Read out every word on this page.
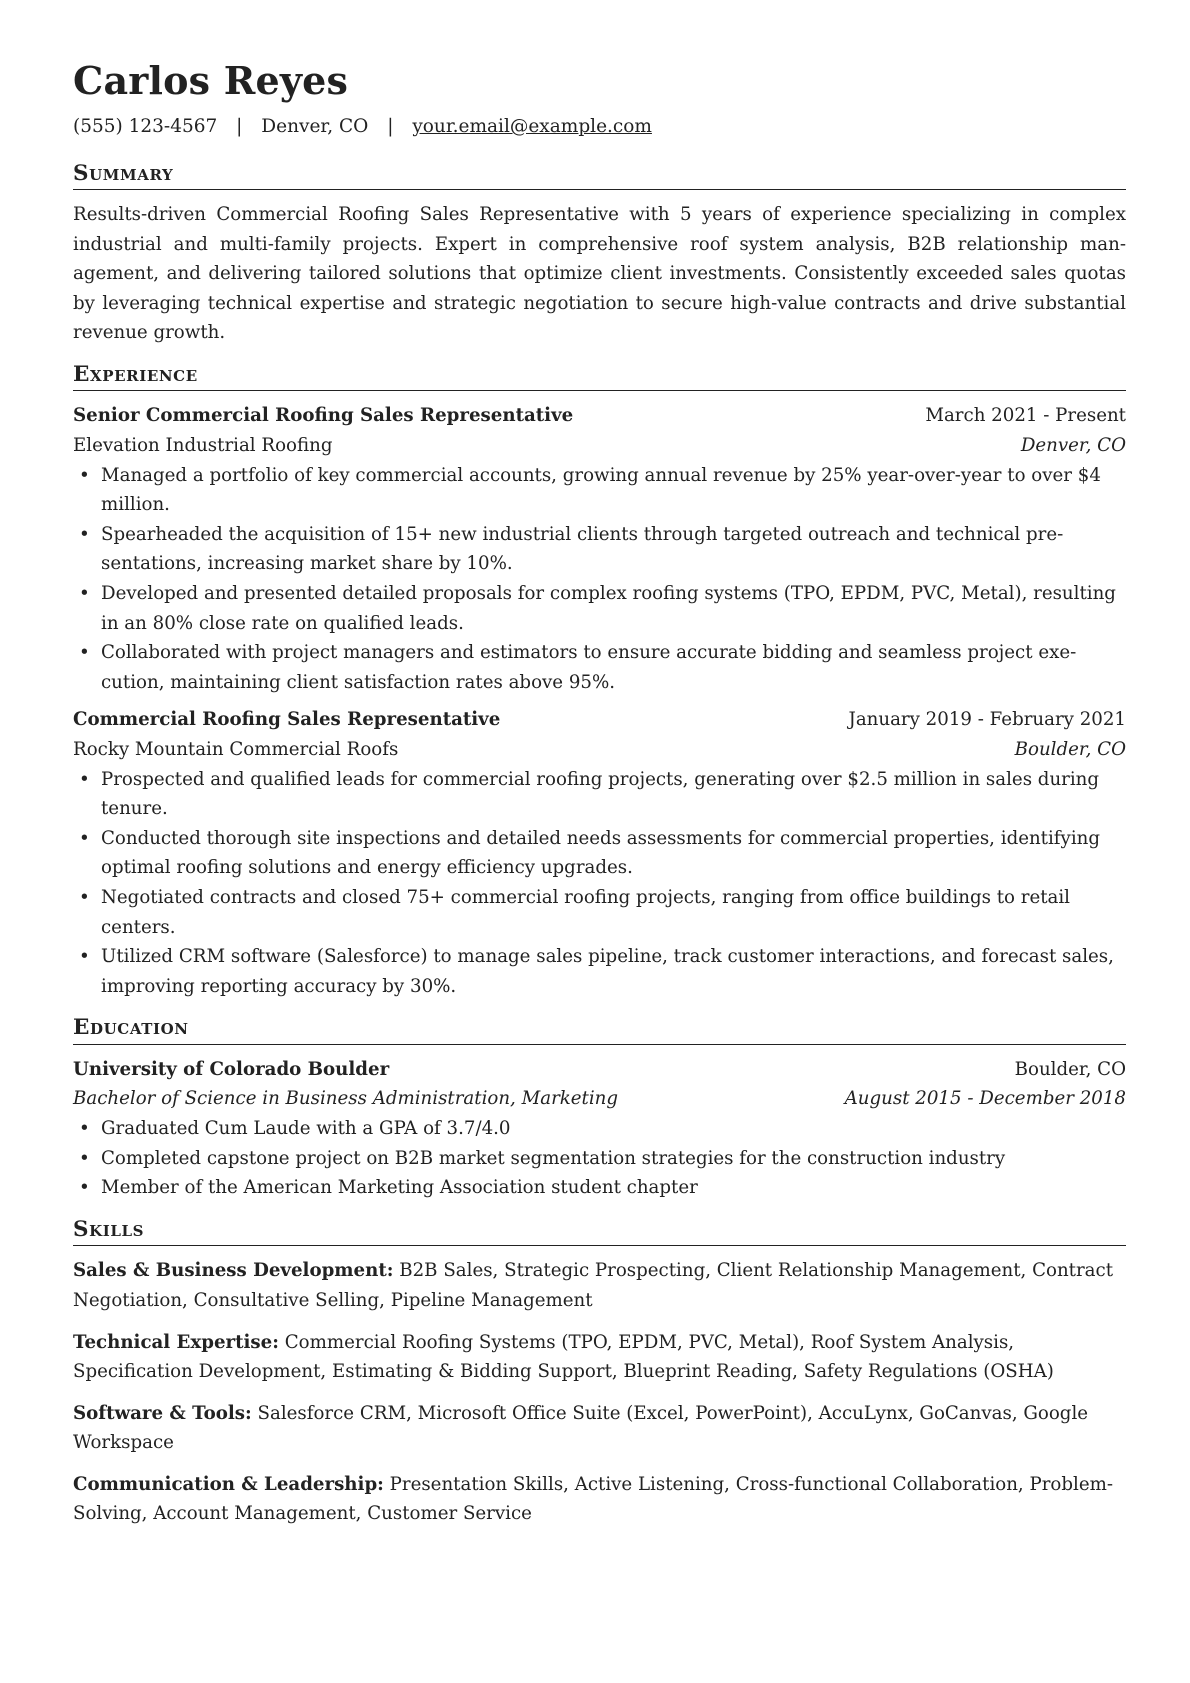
Carlos Reyes
(555) 123-4567 | Denver, CO | your.email@example.com
Summary

Results-driven Commercial Roofing Sales Representative with 5 years of experience specializing in complex industrial and multi-family projects. Expert in comprehensive roof system analysis, B2B relationship management, and delivering tailored solutions that optimize client investments. Consistently exceeded sales quotas by leveraging technical expertise and strategic negotiation to secure high-value contracts and drive substantial revenue growth.

Experience
Senior Commercial Roofing Sales Representative	March 2021 - Present
Elevation Industrial Roofing	Denver, CO
• Managed a portfolio of key commercial accounts, growing annual revenue by 25% year-over-year to over $4 million.
• Spearheaded the acquisition of 15+ new industrial clients through targeted outreach and technical presentations, increasing market share by 10%.
• Developed and presented detailed proposals for complex roofing systems (TPO, EPDM, PVC, Metal), resulting in an 80% close rate on qualified leads.
• Collaborated with project managers and estimators to ensure accurate bidding and seamless project execution, maintaining client satisfaction rates above 95%.
Commercial Roofing Sales Representative	January 2019 - February 2021
Rocky Mountain Commercial Roofs	Boulder, CO
• Prospected and qualified leads for commercial roofing projects, generating over $2.5 million in sales during tenure.
• Conducted thorough site inspections and detailed needs assessments for commercial properties, identifying optimal roofing solutions and energy efficiency upgrades.
• Negotiated contracts and closed 75+ commercial roofing projects, ranging from office buildings to retail centers.
• Utilized CRM software (Salesforce) to manage sales pipeline, track customer interactions, and forecast sales, improving reporting accuracy by 30%.
Education
University of Colorado Boulder	Boulder, CO
Bachelor of Science in Business Administration, Marketing	August 2015 - December 2018
• Graduated Cum Laude with a GPA of 3.7/4.0
• Completed capstone project on B2B market segmentation strategies for the construction industry
• Member of the American Marketing Association student chapter
Skills
Sales & Business Development: B2B Sales, Strategic Prospecting, Client Relationship Management, Contract Negotiation, Consultative Selling, Pipeline Management
Technical Expertise: Commercial Roofing Systems (TPO, EPDM, PVC, Metal), Roof System Analysis, Specification Development, Estimating & Bidding Support, Blueprint Reading, Safety Regulations (OSHA)
Software & Tools: Salesforce CRM, Microsoft Office Suite (Excel, PowerPoint), AccuLynx, GoCanvas, Google Workspace
Communication & Leadership: Presentation Skills, Active Listening, Cross-functional Collaboration, Problem-Solving, Account Management, Customer Service
